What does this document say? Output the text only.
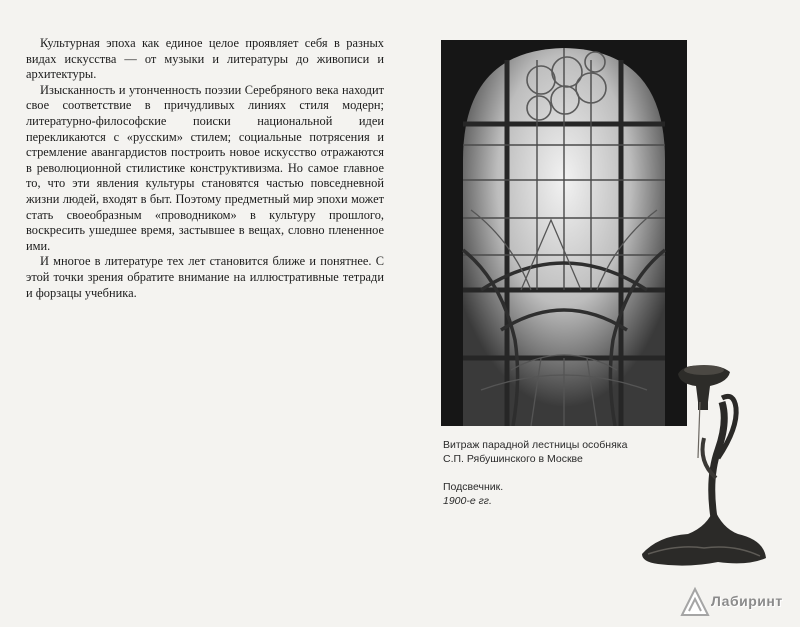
Культурная эпоха как единое целое проявляет себя в разных видах искусства — от музыки и литературы до живописи и архитектуры.

Изысканность и утонченность поэзии Серебряного века находит свое соответствие в причудливых линиях стиля модерн; литературно-философские поиски национальной идеи перекликаются с «русским» стилем; социальные потрясения и стремление авангардистов построить новое искусство отражаются в революционной стилистике конструктивизма. Но самое главное то, что эти явления культуры становятся частью повседневной жизни людей, входят в быт. Поэтому предметный мир эпохи может стать своеобразным «проводником» в культуру прошлого, воскресить ушедшее время, застывшее в вещах, словно плененное ими.

И многое в литературе тех лет становится ближе и понятнее. С этой точки зрения обратите внимание на иллюстративные тетради и форзацы учебника.

Витраж парадной лестницы особняка С.П. Рябушинского в Москве
Подсвечник.
1900-е гг.
Лабиринт
